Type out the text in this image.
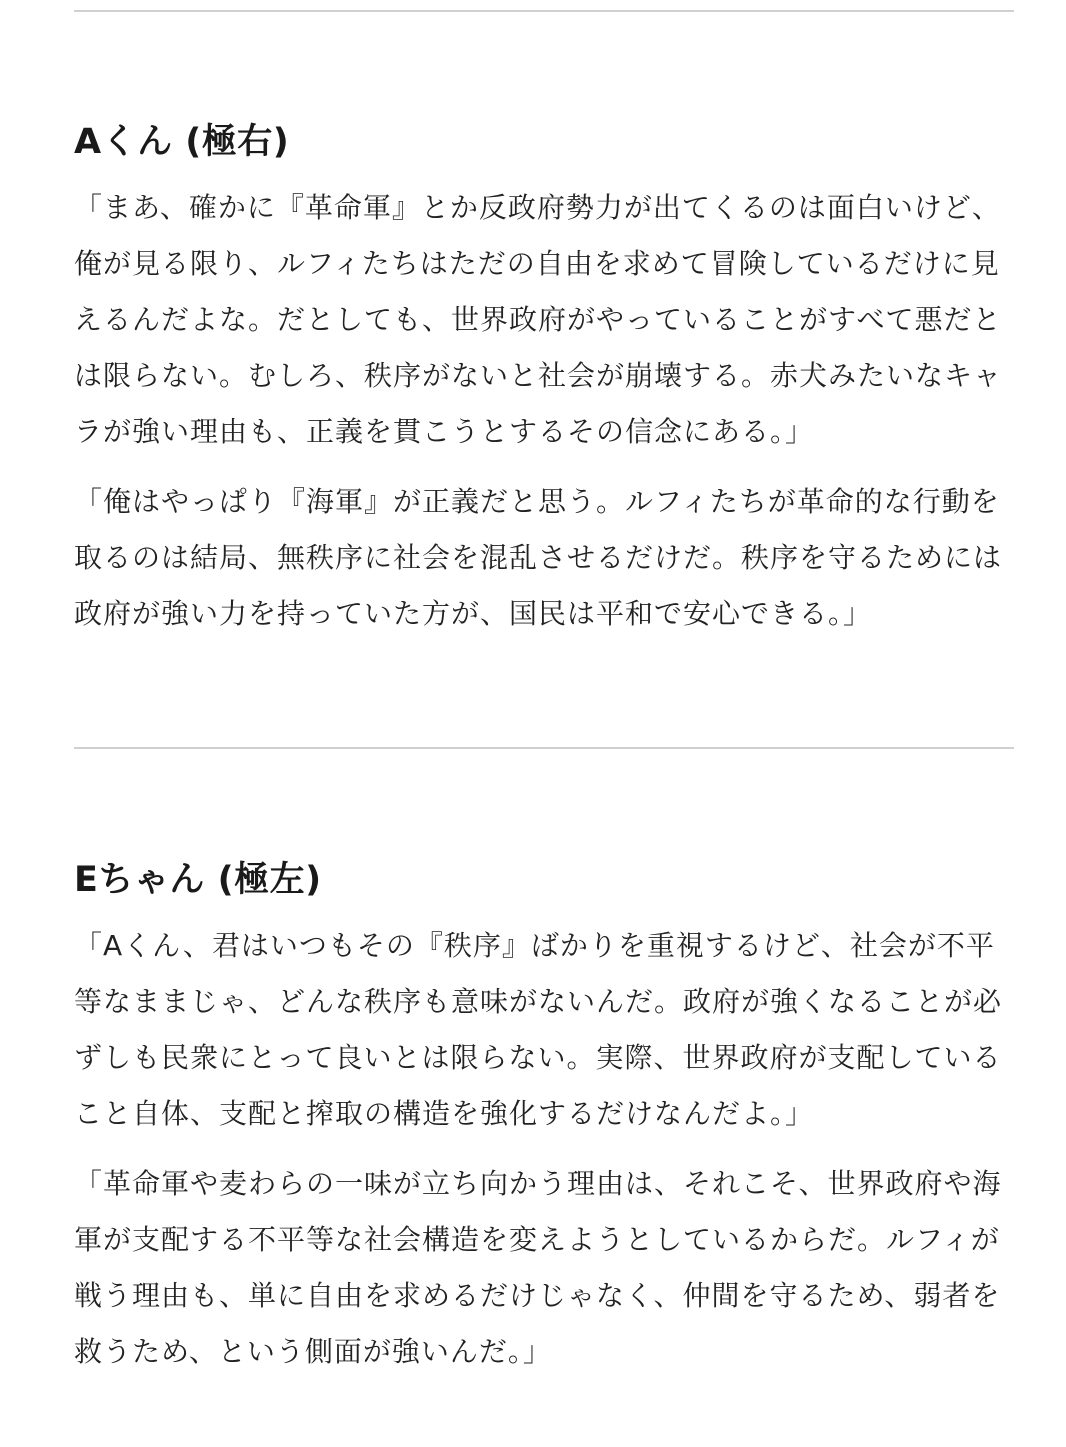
Aくん (極右)

「まあ、確かに『革命軍』とか反政府勢力が出てくるのは面白いけど、俺が見る限り、ルフィたちはただの自由を求めて冒険しているだけに見えるんだよな。だとしても、世界政府がやっていることがすべて悪だとは限らない。むしろ、秩序がないと社会が崩壊する。赤犬みたいなキャラが強い理由も、正義を貫こうとするその信念にある。」

「俺はやっぱり『海軍』が正義だと思う。ルフィたちが革命的な行動を取るのは結局、無秩序に社会を混乱させるだけだ。秩序を守るためには政府が強い力を持っていた方が、国民は平和で安心できる。」

Eちゃん (極左)

「Aくん、君はいつもその『秩序』ばかりを重視するけど、社会が不平等なままじゃ、どんな秩序も意味がないんだ。政府が強くなることが必ずしも民衆にとって良いとは限らない。実際、世界政府が支配していること自体、支配と搾取の構造を強化するだけなんだよ。」

「革命軍や麦わらの一味が立ち向かう理由は、それこそ、世界政府や海軍が支配する不平等な社会構造を変えようとしているからだ。ルフィが戦う理由も、単に自由を求めるだけじゃなく、仲間を守るため、弱者を救うため、という側面が強いんだ。」
